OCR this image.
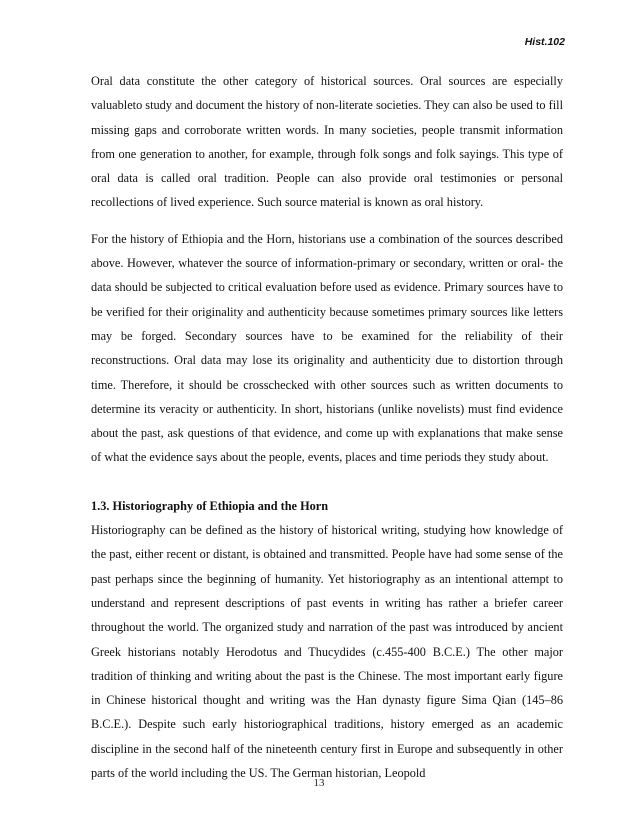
Hist.102

Oral data constitute the other category of historical sources. Oral sources are especially valuableto study and document the history of non-literate societies. They can also be used to fill missing gaps and corroborate written words. In many societies, people transmit information from one generation to another, for example, through folk songs and folk sayings. This type of oral data is called oral tradition. People can also provide oral testimonies or personal recollections of lived experience. Such source material is known as oral history.

For the history of Ethiopia and the Horn, historians use a combination of the sources described above. However, whatever the source of information-primary or secondary, written or oral- the data should be subjected to critical evaluation before used as evidence. Primary sources have to be verified for their originality and authenticity because sometimes primary sources like letters may be forged. Secondary sources have to be examined for the reliability of their reconstructions. Oral data may lose its originality and authenticity due to distortion through time. Therefore, it should be crosschecked with other sources such as written documents to determine its veracity or authenticity. In short, historians (unlike novelists) must find evidence about the past, ask questions of that evidence, and come up with explanations that make sense of what the evidence says about the people, events, places and time periods they study about.

1.3. Historiography of Ethiopia and the Horn

Historiography can be defined as the history of historical writing, studying how knowledge of the past, either recent or distant, is obtained and transmitted. People have had some sense of the past perhaps since the beginning of humanity. Yet historiography as an intentional attempt to understand and represent descriptions of past events in writing has rather a briefer career throughout the world. The organized study and narration of the past was introduced by ancient Greek historians notably Herodotus and Thucydides (c.455-400 B.C.E.) The other major tradition of thinking and writing about the past is the Chinese. The most important early figure in Chinese historical thought and writing was the Han dynasty figure Sima Qian (145–86 B.C.E.). Despite such early historiographical traditions, history emerged as an academic discipline in the second half of the nineteenth century first in Europe and subsequently in other parts of the world including the US. The German historian, Leopold

13
